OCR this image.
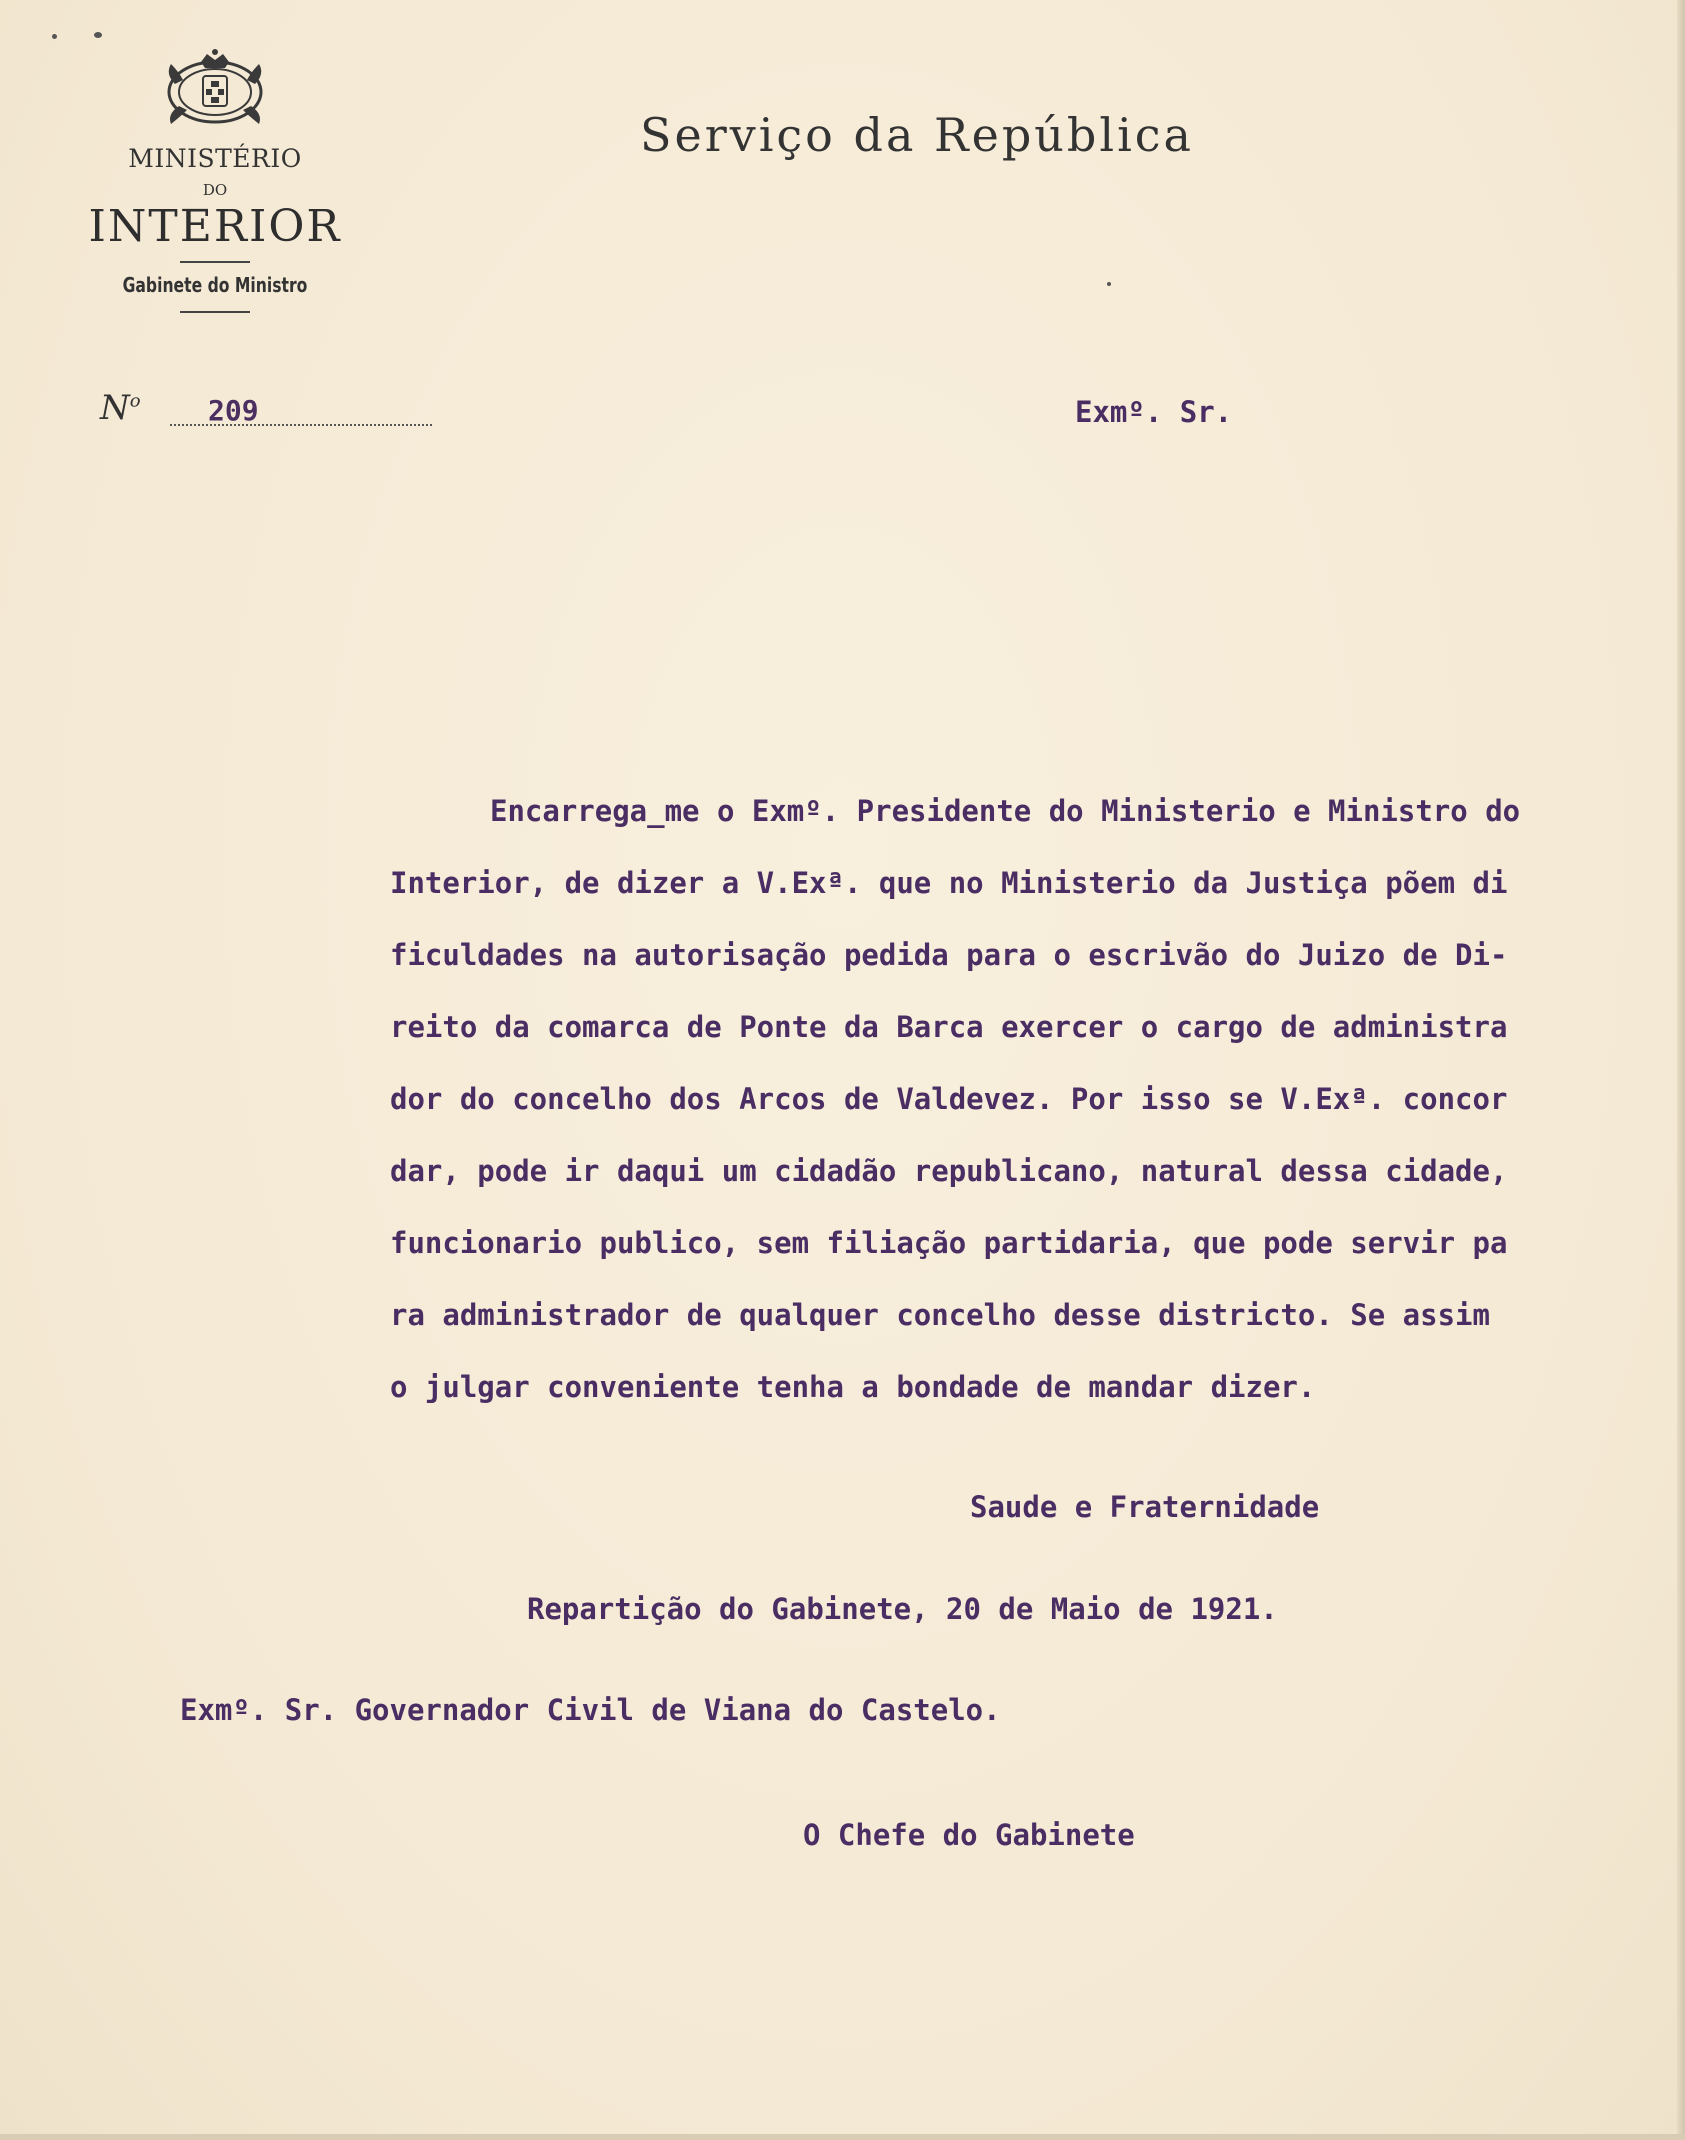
MINISTÉRIO
DO
INTERIOR
Gabinete do Ministro
$N^o$ 209
Serviço da República
Exmº. Sr.
Encarrega_me o Exmº. Presidente do Ministerio e Ministro do
Interior, de dizer a V.Exª. que no Ministerio da Justiça põem di
ficuldades na autorisação pedida para o escrivão do Juizo de Di-
reito da comarca de Ponte da Barca exercer o cargo de administra
dor do concelho dos Arcos de Valdevez. Por isso se V.Exª. concor
dar, pode ir daqui um cidadão republicano, natural dessa cidade,
funcionario publico, sem filiação partidaria, que pode servir pa
ra administrador de qualquer concelho desse districto. Se assim
o julgar conveniente tenha a bondade de mandar dizer.
Saude e Fraternidade
Repartição do Gabinete, 20 de Maio de 1921.
Exmº. Sr. Governador Civil de Viana do Castelo.
O Chefe do Gabinete
